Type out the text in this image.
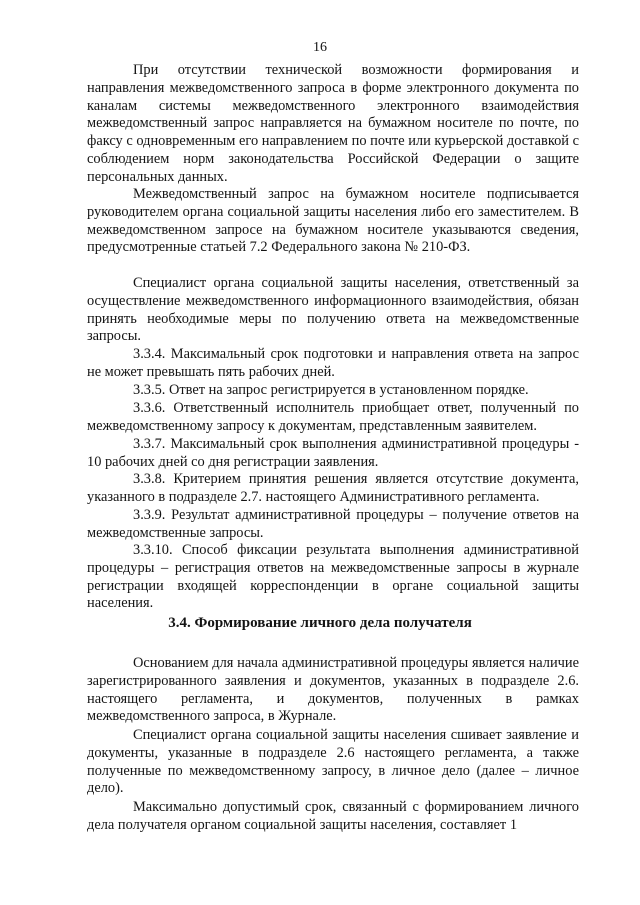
16

При отсутствии технической возможности формирования и направления межведомственного запроса в форме электронного документа по каналам системы межведомственного электронного взаимодействия межведомственный запрос направляется на бумажном носителе по почте, по факсу с одновременным его направлением по почте или курьерской доставкой с соблюдением норм законодательства Российской Федерации о защите персональных данных.

Межведомственный запрос на бумажном носителе подписывается руководителем органа социальной защиты населения либо его заместителем. В межведомственном запросе на бумажном носителе указываются сведения, предусмотренные статьей 7.2 Федерального закона № 210-ФЗ.

Специалист органа социальной защиты населения, ответственный за осуществление межведомственного информационного взаимодействия, обязан принять необходимые меры по получению ответа на межведомственные запросы.

3.3.4. Максимальный срок подготовки и направления ответа на запрос не может превышать пять рабочих дней.

3.3.5. Ответ на запрос регистрируется в установленном порядке.

3.3.6. Ответственный исполнитель приобщает ответ, полученный по межведомственному запросу к документам, представленным заявителем.

3.3.7. Максимальный срок выполнения административной процедуры - 10 рабочих дней со дня регистрации заявления.

3.3.8. Критерием принятия решения является отсутствие документа, указанного в подразделе 2.7. настоящего Административного регламента.

3.3.9. Результат административной процедуры – получение ответов на межведомственные запросы.

3.3.10. Способ фиксации результата выполнения административной процедуры – регистрация ответов на межведомственные запросы в журнале регистрации входящей корреспонденции в органе социальной защиты населения.

3.4. Формирование личного дела получателя

Основанием для начала административной процедуры является наличие зарегистрированного заявления и документов, указанных в подразделе 2.6. настоящего регламента, и документов, полученных в рамках межведомственного запроса, в Журнале.

Специалист органа социальной защиты населения сшивает заявление и документы, указанные в подразделе 2.6 настоящего регламента, а также полученные по межведомственному запросу, в личное дело (далее – личное дело).

Максимально допустимый срок, связанный с формированием личного дела получателя органом социальной защиты населения, составляет 1
